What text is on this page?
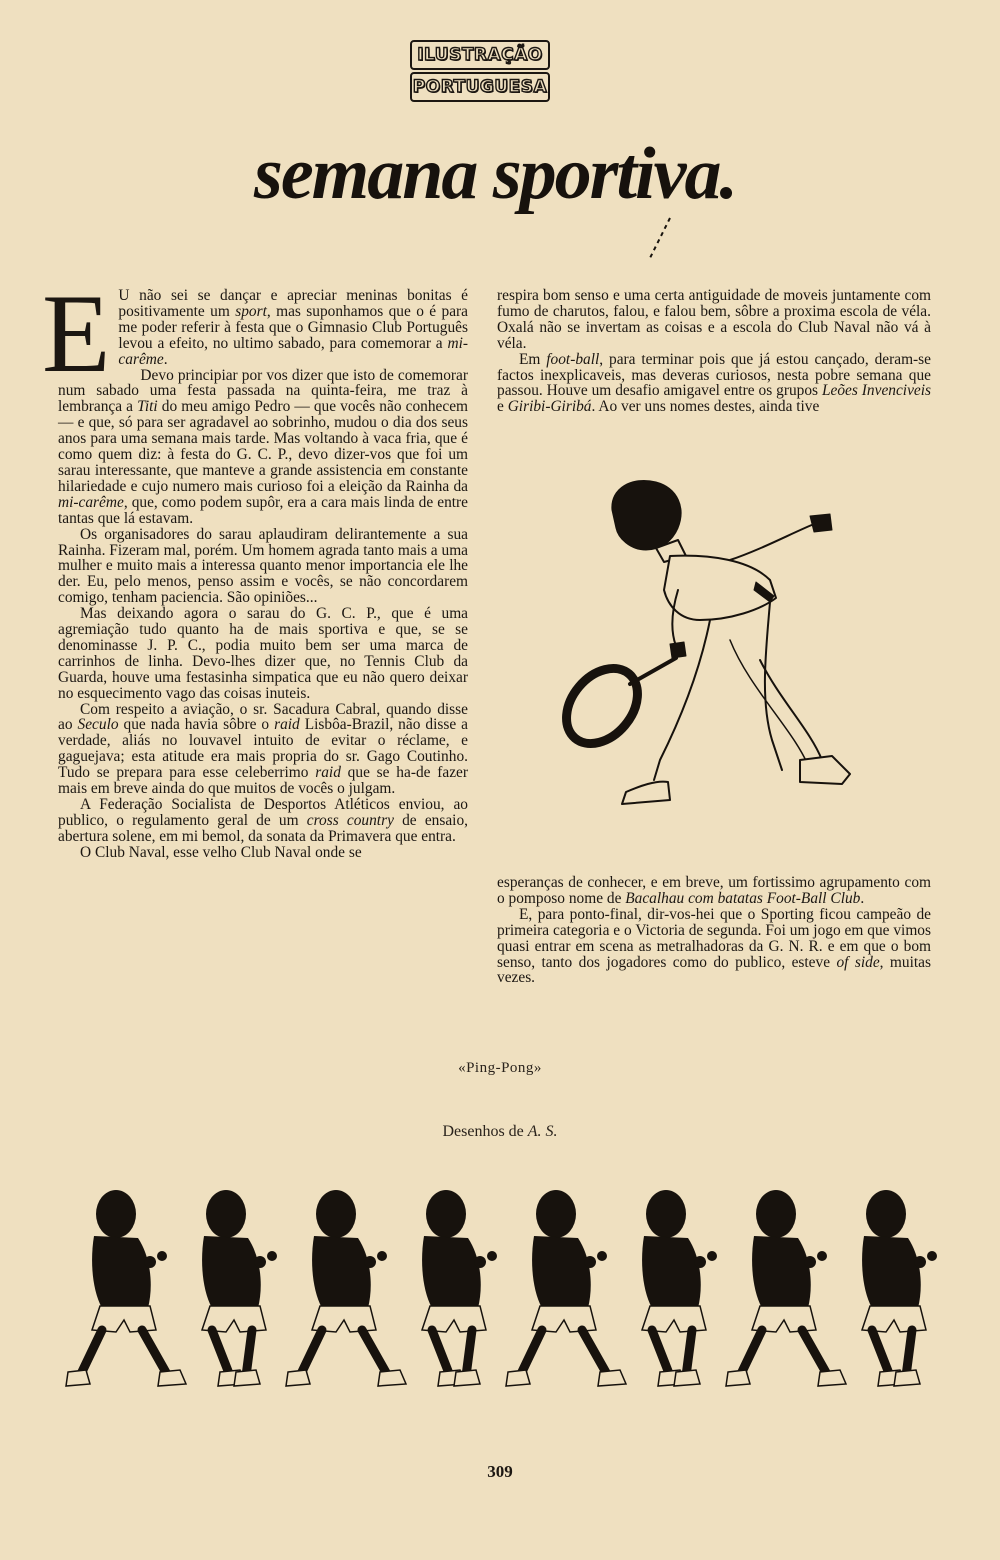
ILUSTRAÇÃO
PORTUGUESA
semana sportiva.
E U não sei se dançar e apreciar meninas bonitas é positivamente um sport, mas suponhamos que o é para me poder referir à festa que o Gimnasio Club Português levou a efeito, no ultimo sabado, para comemorar a mi-carême.

Devo principiar por vos dizer que isto de comemorar num sabado uma festa passada na quinta-feira, me traz à lembrança a Titi do meu amigo Pedro — que vocês não conhecem — e que, só para ser agradavel ao sobrinho, mudou o dia dos seus anos para uma semana mais tarde. Mas voltando à vaca fria, que é como quem diz: à festa do G. C. P., devo dizer-vos que foi um sarau interessante, que manteve a grande assistencia em constante hilariedade e cujo numero mais curioso foi a eleição da Rainha da mi-carême, que, como podem supôr, era a cara mais linda de entre tantas que lá estavam.

Os organisadores do sarau aplaudiram delirantemente a sua Rainha. Fizeram mal, porém. Um homem agrada tanto mais a uma mulher e muito mais a interessa quanto menor importancia ele lhe der. Eu, pelo menos, penso assim e vocês, se não concordarem comigo, tenham paciencia. São opiniões...

Mas deixando agora o sarau do G. C. P., que é uma agremiação tudo quanto ha de mais sportiva e que, se se denominasse J. P. C., podia muito bem ser uma marca de carrinhos de linha. Devo-lhes dizer que, no Tennis Club da Guarda, houve uma festasinha simpatica que eu não quero deixar no esquecimento vago das coisas inuteis.

Com respeito a aviação, o sr. Sacadura Cabral, quando disse ao Seculo que nada havia sôbre o raid Lisbôa-Brazil, não disse a verdade, aliás no louvavel intuito de evitar o réclame, e gaguejava; esta atitude era mais propria do sr. Gago Coutinho. Tudo se prepara para esse celeberrimo raid que se ha-de fazer mais em breve ainda do que muitos de vocês o julgam.

A Federação Socialista de Desportos Atléticos enviou, ao publico, o regulamento geral de um cross country de ensaio, abertura solene, em mi bemol, da sonata da Primavera que entra.

O Club Naval, esse velho Club Naval onde se

respira bom senso e uma certa antiguidade de moveis juntamente com fumo de charutos, falou, e falou bem, sôbre a proxima escola de véla. Oxalá não se invertam as coisas e a escola do Club Naval não vá à véla.

Em foot-ball, para terminar pois que já estou cançado, deram-se factos inexplicaveis, mas deveras curiosos, nesta pobre semana que passou. Houve um desafio amigavel entre os grupos Leões Invenciveis e Giribi-Giribá. Ao ver uns nomes destes, ainda tive

esperanças de conhecer, e em breve, um fortissimo agrupamento com o pomposo nome de Bacalhau com batatas Foot-Ball Club.

E, para ponto-final, dir-vos-hei que o Sporting ficou campeão de primeira categoria e o Victoria de segunda. Foi um jogo em que vimos quasi entrar em scena as metralhadoras da G. N. R. e em que o bom senso, tanto dos jogadores como do publico, esteve of side, muitas vezes.

«Ping-Pong»
Desenhos de A. S.
309
